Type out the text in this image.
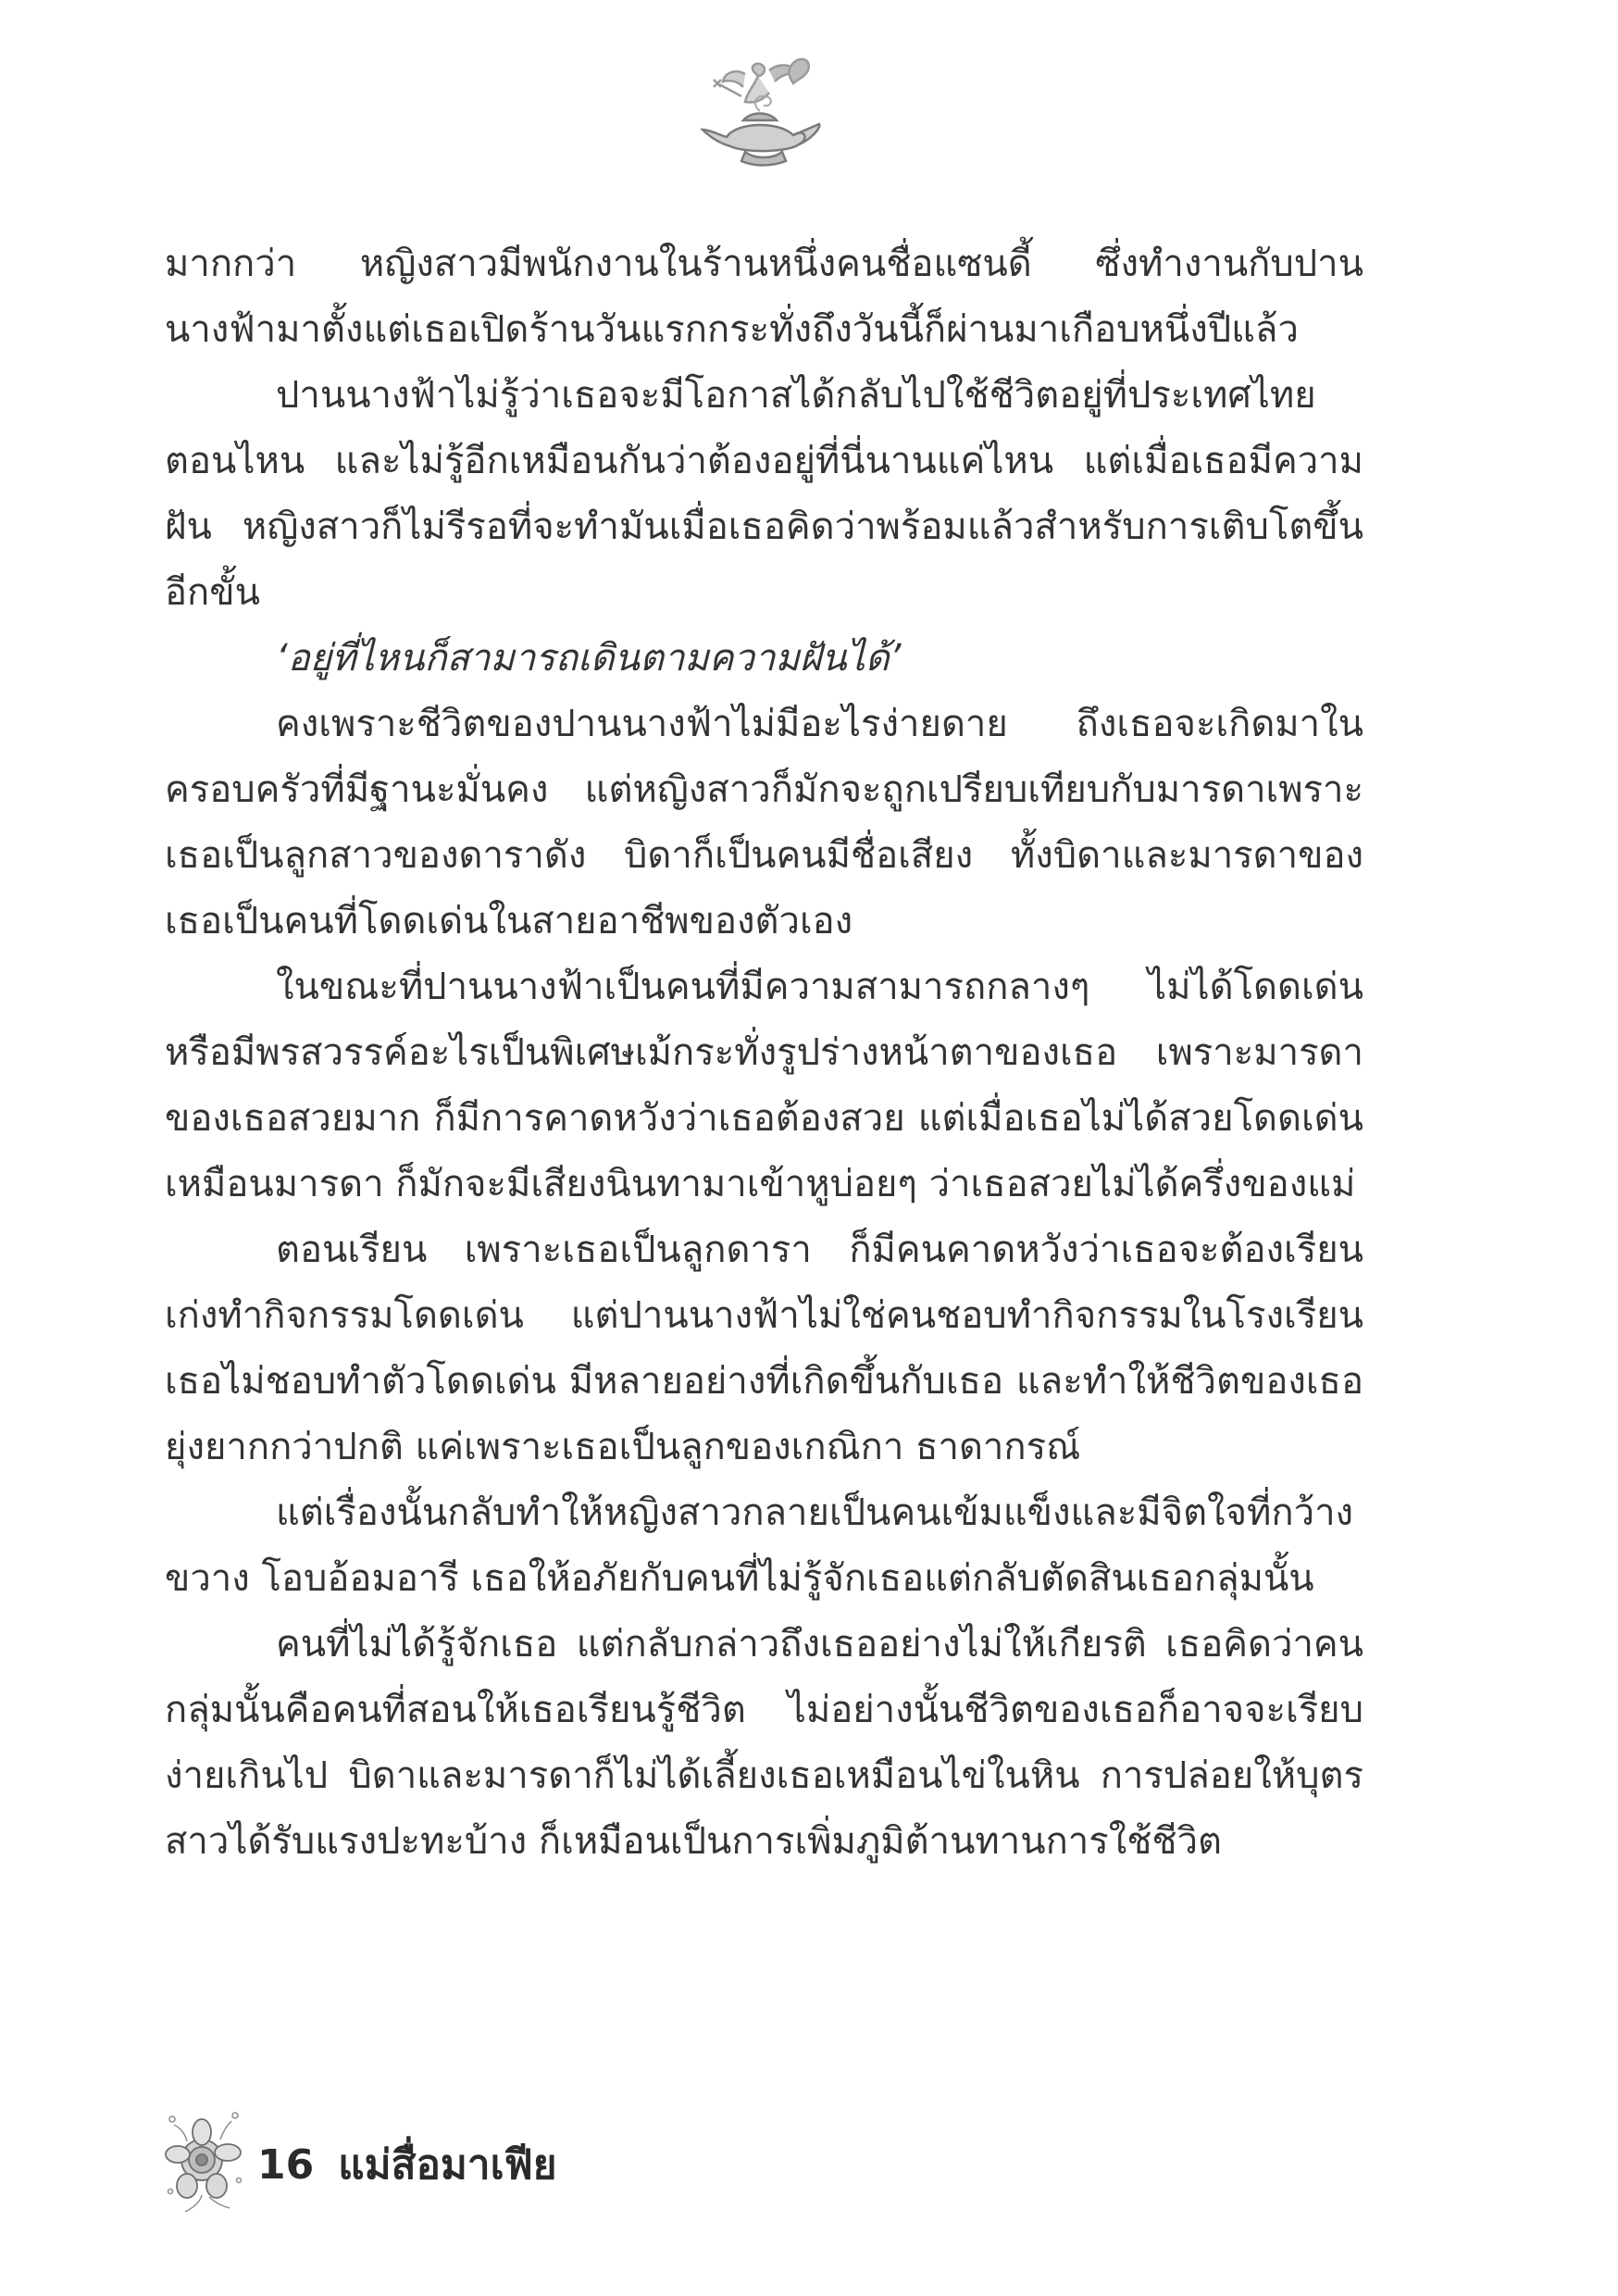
มากกว่า หญิงสาวมีพนักงานในร้านหนึ่งคนชื่อแซนดี้ ซึ่งทำงานกับปานนางฟ้ามาตั้งแต่เธอเปิดร้านวันแรกกระทั่งถึงวันนี้ก็ผ่านมาเกือบหนึ่งปีแล้ว

ปานนางฟ้าไม่รู้ว่าเธอจะมีโอกาสได้กลับไปใช้ชีวิตอยู่ที่ประเทศไทยตอนไหน และไม่รู้อีกเหมือนกันว่าต้องอยู่ที่นี่นานแค่ไหน แต่เมื่อเธอมีความฝัน หญิงสาวก็ไม่รีรอที่จะทำมันเมื่อเธอคิดว่าพร้อมแล้วสำหรับการเติบโตขึ้นอีกขั้น

‘อยู่ที่ไหนก็สามารถเดินตามความฝันได้’

คงเพราะชีวิตของปานนางฟ้าไม่มีอะไรง่ายดาย ถึงเธอจะเกิดมาในครอบครัวที่มีฐานะมั่นคง แต่หญิงสาวก็มักจะถูกเปรียบเทียบกับมารดาเพราะเธอเป็นลูกสาวของดาราดัง บิดาก็เป็นคนมีชื่อเสียง ทั้งบิดาและมารดาของเธอเป็นคนที่โดดเด่นในสายอาชีพของตัวเอง

ในขณะที่ปานนางฟ้าเป็นคนที่มีความสามารถกลางๆ ไม่ได้โดดเด่นหรือมีพรสวรรค์อะไรเป็นพิเศษเม้กระทั่งรูปร่างหน้าตาของเธอ เพราะมารดาของเธอสวยมาก ก็มีการคาดหวังว่าเธอต้องสวย แต่เมื่อเธอไม่ได้สวยโดดเด่นเหมือนมารดา ก็มักจะมีเสียงนินทามาเข้าหูบ่อยๆ ว่าเธอสวยไม่ได้ครึ่งของแม่

ตอนเรียน เพราะเธอเป็นลูกดารา ก็มีคนคาดหวังว่าเธอจะต้องเรียนเก่งทำกิจกรรมโดดเด่น แต่ปานนางฟ้าไม่ใช่คนชอบทำกิจกรรมในโรงเรียนเธอไม่ชอบทำตัวโดดเด่น มีหลายอย่างที่เกิดขึ้นกับเธอ และทำให้ชีวิตของเธอยุ่งยากกว่าปกติ แค่เพราะเธอเป็นลูกของเกณิกา ธาดากรณ์

แต่เรื่องนั้นกลับทำให้หญิงสาวกลายเป็นคนเข้มแข็งและมีจิตใจที่กว้างขวาง โอบอ้อมอารี เธอให้อภัยกับคนที่ไม่รู้จักเธอแต่กลับตัดสินเธอกลุ่มนั้น

คนที่ไม่ได้รู้จักเธอ แต่กลับกล่าวถึงเธออย่างไม่ให้เกียรติ เธอคิดว่าคนกลุ่มนั้นคือคนที่สอนให้เธอเรียนรู้ชีวิต ไม่อย่างนั้นชีวิตของเธอก็อาจจะเรียบง่ายเกินไป บิดาและมารดาก็ไม่ได้เลี้ยงเธอเหมือนไข่ในหิน การปล่อยให้บุตรสาวได้รับแรงปะทะบ้าง ก็เหมือนเป็นการเพิ่มภูมิต้านทานการใช้ชีวิต

16 แม่สื่อมาเฟีย
